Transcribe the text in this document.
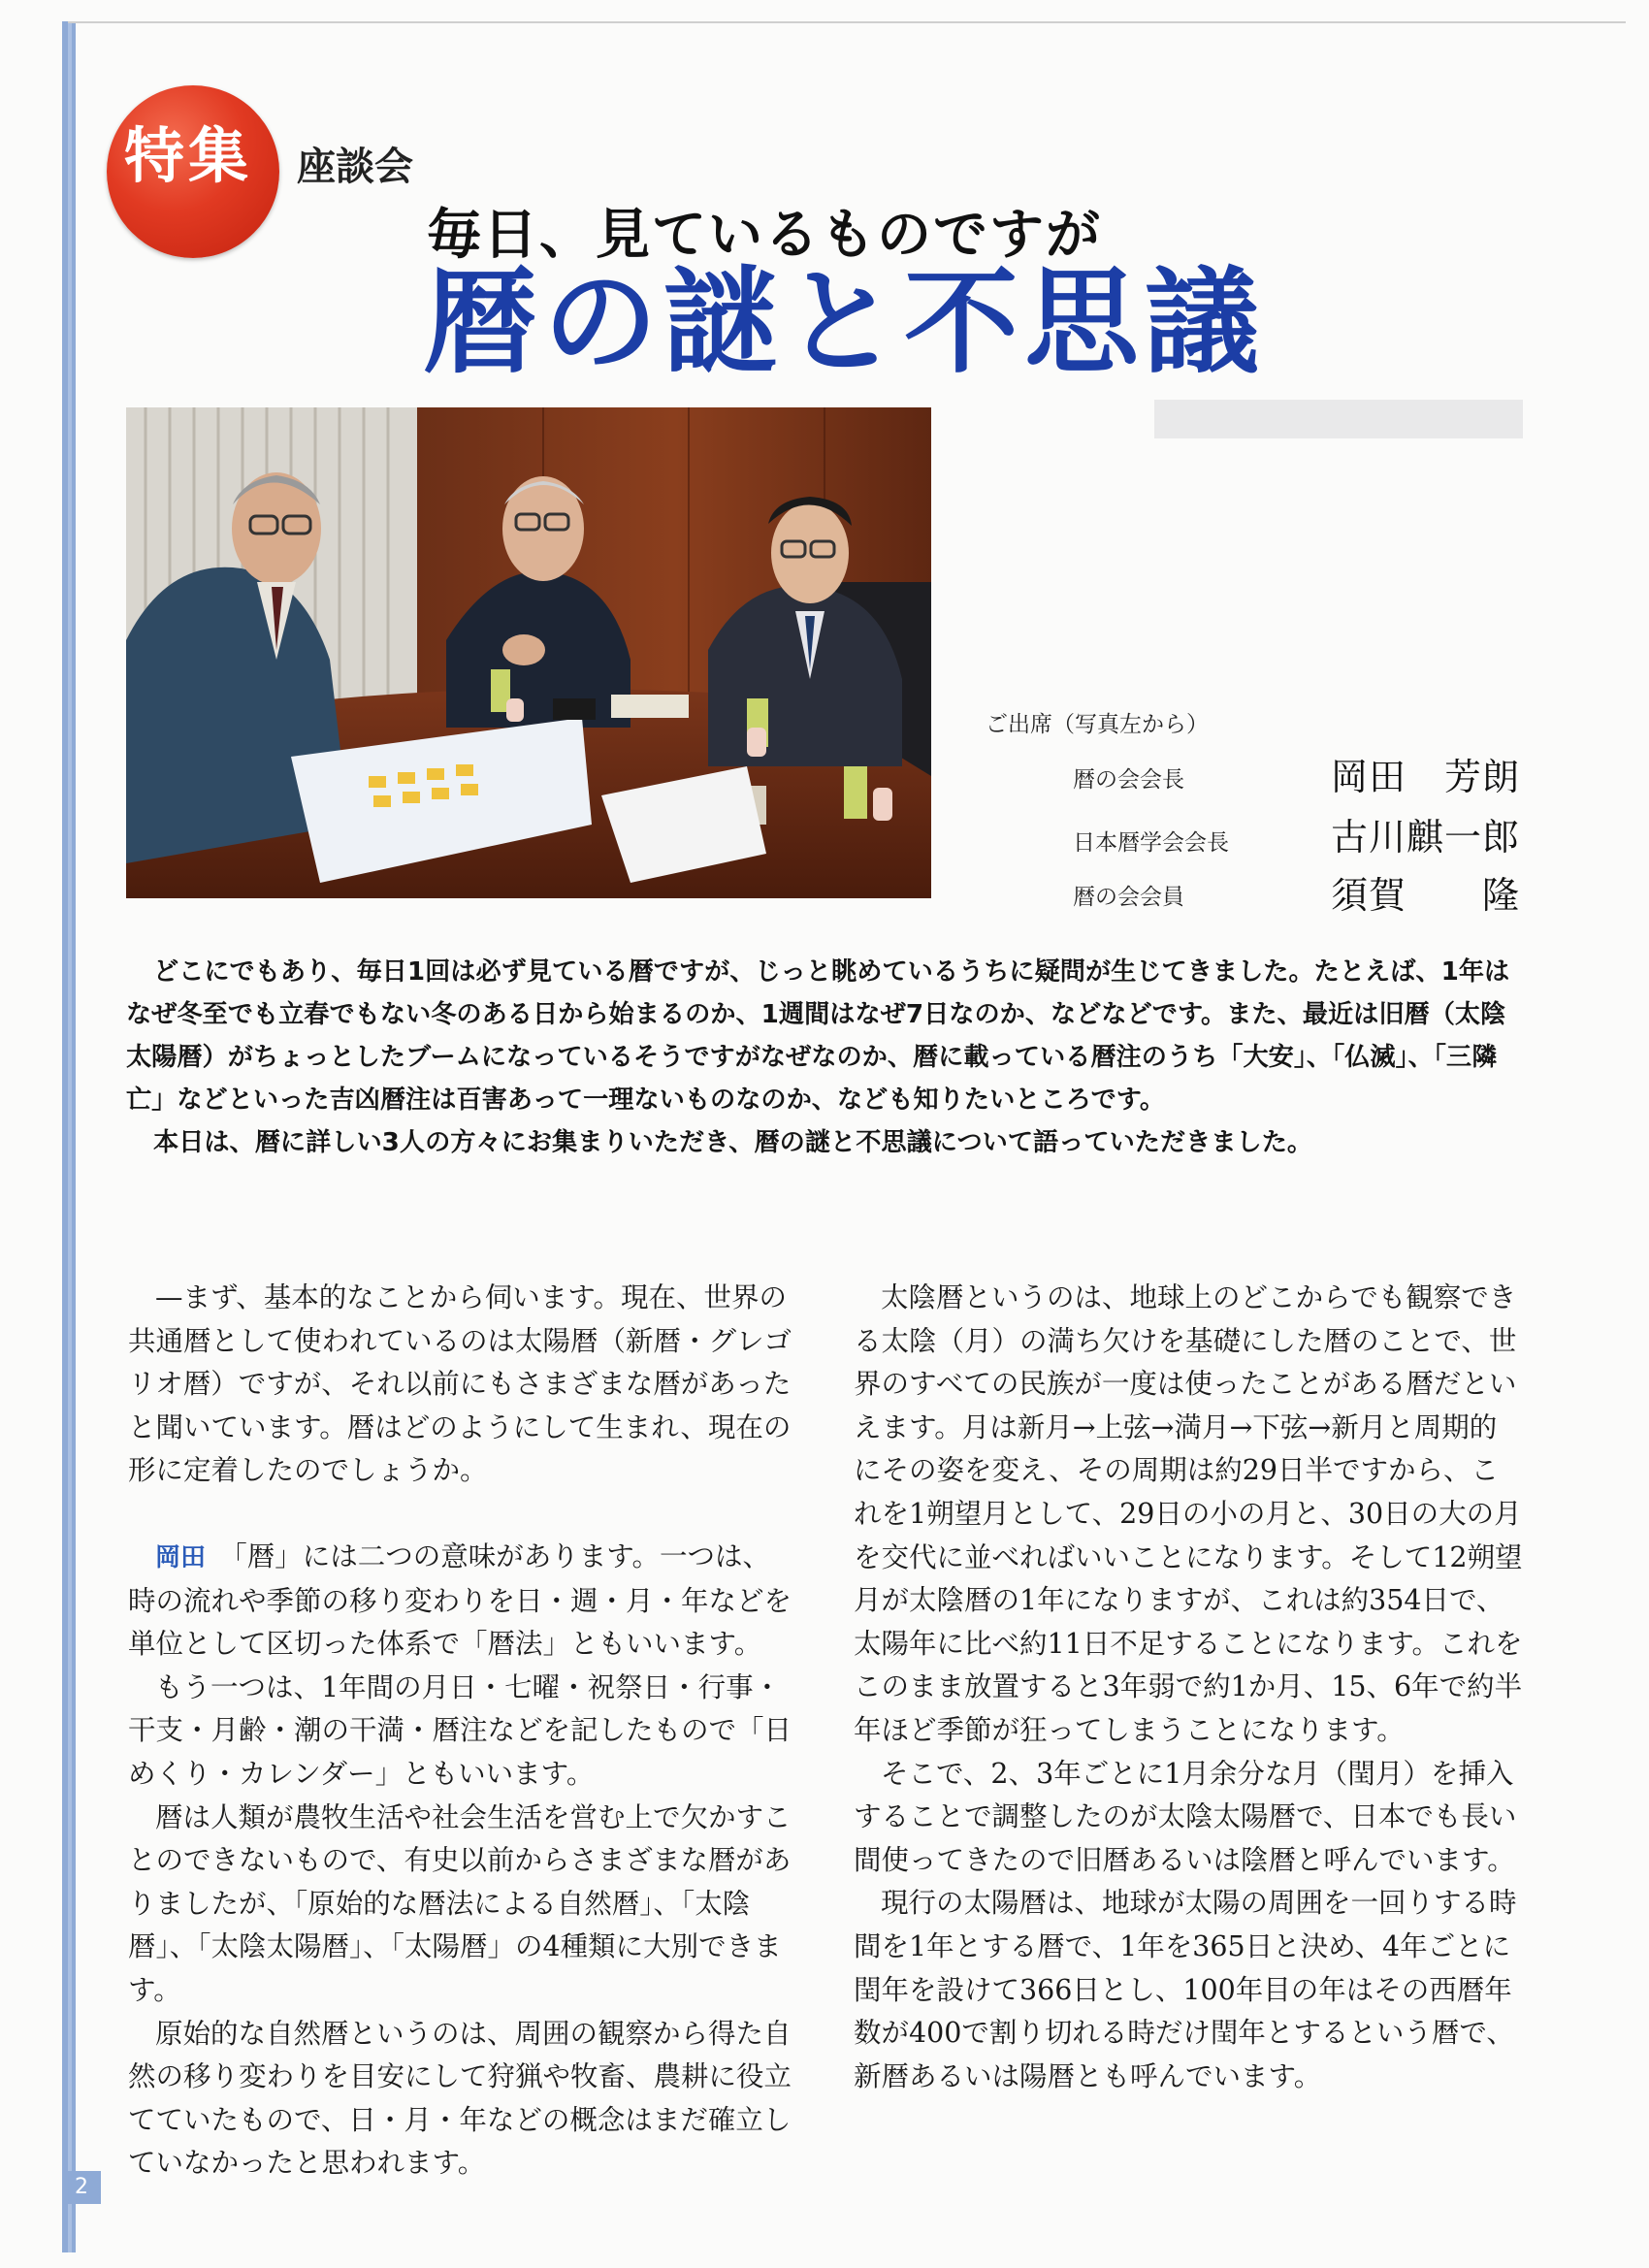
特集	座談会
毎日、見ているものですが
暦の謎と不思議
ご出席（写真左から）
暦の会会長	岡田　芳朗
日本暦学会会長	古川麒一郎
暦の会会員	須賀　　隆

どこにでもあり、毎日1回は必ず見ている暦ですが、じっと眺めているうちに疑問が生じてきました。たとえば、1年はなぜ冬至でも立春でもない冬のある日から始まるのか、1週間はなぜ7日なのか、などなどです。また、最近は旧暦（太陰太陽暦）がちょっとしたブームになっているそうですがなぜなのか、暦に載っている暦注のうち「大安」、「仏滅」、「三隣亡」などといった吉凶暦注は百害あって一理ないものなのか、なども知りたいところです。

本日は、暦に詳しい3人の方々にお集まりいただき、暦の謎と不思議について語っていただきました。

—まず、基本的なことから伺います。現在、世界の共通暦として使われているのは太陽暦（新暦・グレゴリオ暦）ですが、それ以前にもさまざまな暦があったと聞いています。暦はどのようにして生まれ、現在の形に定着したのでしょうか。

岡田　 「暦」には二つの意味があります。一つは、時の流れや季節の移り変わりを日・週・月・年などを単位として区切った体系で「暦法」ともいいます。

もう一つは、1年間の月日・七曜・祝祭日・行事・干支・月齢・潮の干満・暦注などを記したもので「日めくり・カレンダー」ともいいます。

暦は人類が農牧生活や社会生活を営む上で欠かすことのできないもので、有史以前からさまざまな暦がありましたが、「原始的な暦法による自然暦」、「太陰暦」、「太陰太陽暦」、「太陽暦」の4種類に大別できます。

原始的な自然暦というのは、周囲の観察から得た自然の移り変わりを目安にして狩猟や牧畜、農耕に役立てていたもので、日・月・年などの概念はまだ確立していなかったと思われます。

太陰暦というのは、地球上のどこからでも観察できる太陰（月）の満ち欠けを基礎にした暦のことで、世界のすべての民族が一度は使ったことがある暦だといえます。月は新月→上弦→満月→下弦→新月と周期的にその姿を変え、その周期は約29日半ですから、これを1朔望月として、29日の小の月と、30日の大の月を交代に並べればいいことになります。そして12朔望月が太陰暦の1年になりますが、これは約354日で、太陽年に比べ約11日不足することになります。これをこのまま放置すると3年弱で約1か月、15、6年で約半年ほど季節が狂ってしまうことになります。

そこで、2、3年ごとに1月余分な月（閏月）を挿入することで調整したのが太陰太陽暦で、日本でも長い間使ってきたので旧暦あるいは陰暦と呼んでいます。

現行の太陽暦は、地球が太陽の周囲を一回りする時間を1年とする暦で、1年を365日と決め、4年ごとに閏年を設けて366日とし、100年目の年はその西暦年数が400で割り切れる時だけ閏年とするという暦で、新暦あるいは陽暦とも呼んでいます。

2
